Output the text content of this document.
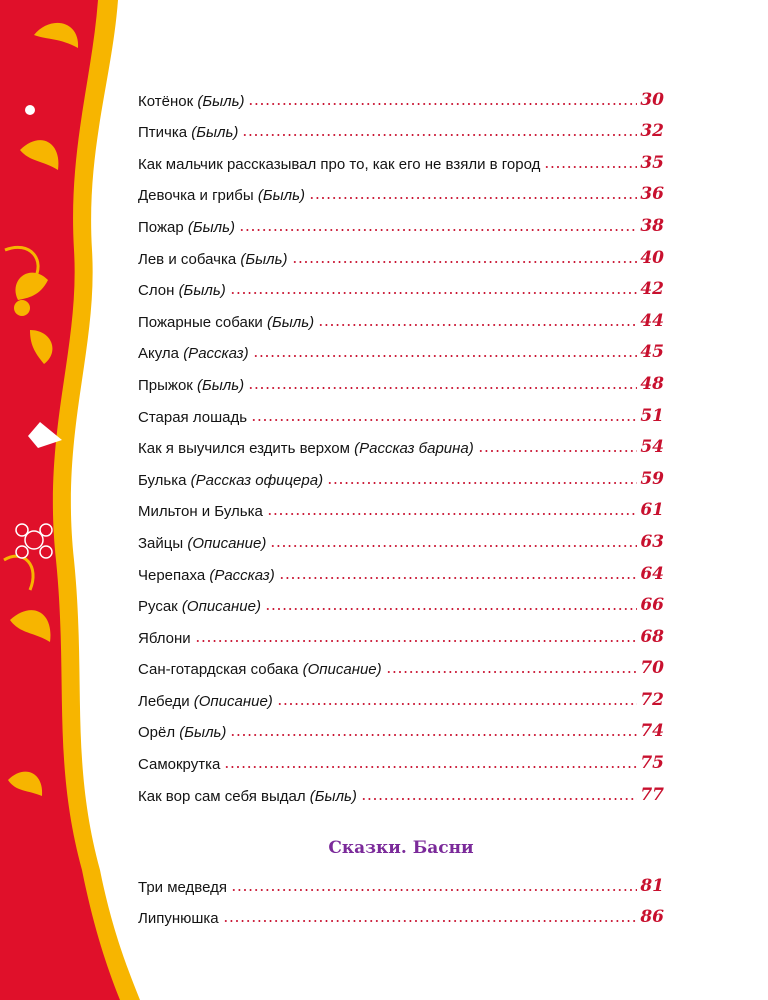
Котёнок (Быль)	30
Птичка (Быль)	32
Как мальчик рассказывал про то, как его не взяли в город	35
Девочка и грибы (Быль)	36
Пожар (Быль)	38
Лев и собачка (Быль)	40
Слон (Быль)	42
Пожарные собаки (Быль)	44
Акула (Рассказ)	45
Прыжок (Быль)	48
Старая лошадь	51
Как я выучился ездить верхом (Рассказ барина)	54
Булька (Рассказ офицера)	59
Мильтон и Булька	61
Зайцы (Описание)	63
Черепаха (Рассказ)	64
Русак (Описание)	66
Яблони	68
Сан-готардская собака (Описание)	70
Лебеди (Описание)	72
Орёл (Быль)	74
Самокрутка	75
Как вор сам себя выдал (Быль)	77
Сказки. Басни
Три медведя	81
Липунюшка	86
